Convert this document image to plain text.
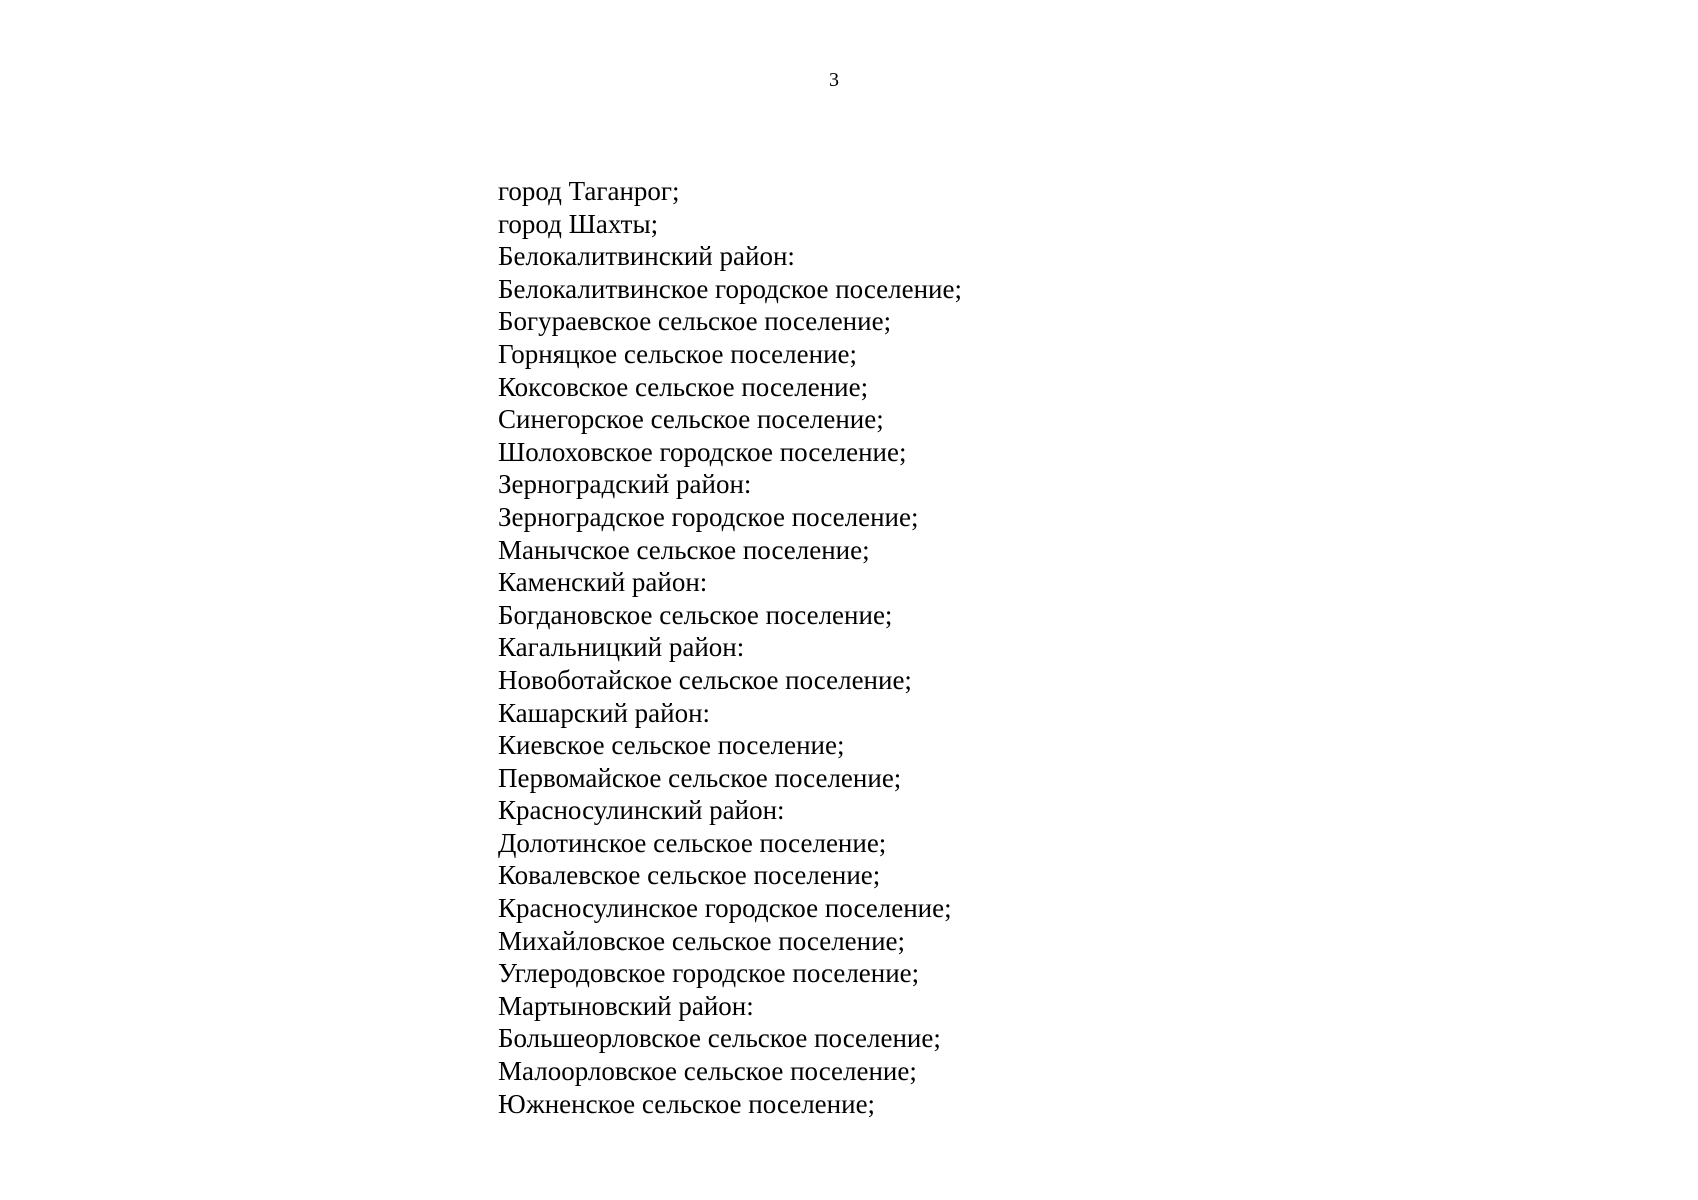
3
город Таганрог;
город Шахты;
Белокалитвинский район:
Белокалитвинское городское поселение;
Богураевское сельское поселение;
Горняцкое сельское поселение;
Коксовское сельское поселение;
Синегорское сельское поселение;
Шолоховское городское поселение;
Зерноградский район:
Зерноградское городское поселение;
Манычское сельское поселение;
Каменский район:
Богдановское сельское поселение;
Кагальницкий район:
Новоботайское сельское поселение;
Кашарский район:
Киевское сельское поселение;
Первомайское сельское поселение;
Красносулинский район:
Долотинское сельское поселение;
Ковалевское сельское поселение;
Красносулинское городское поселение;
Михайловское сельское поселение;
Углеродовское городское поселение;
Мартыновский район:
Большеорловское сельское поселение;
Малоорловское сельское поселение;
Южненское сельское поселение;
